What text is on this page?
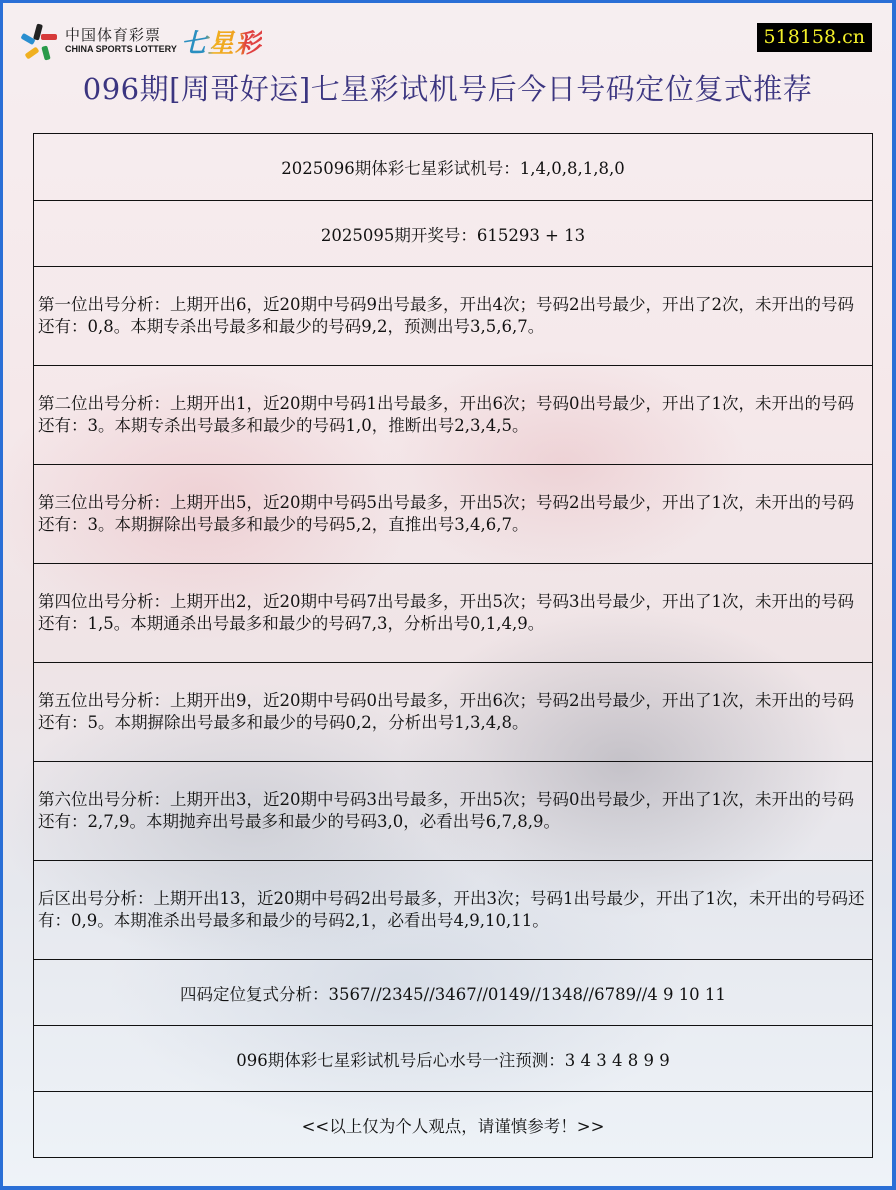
中国体育彩票
CHINA SPORTS LOTTERY 七星彩	518158.cn
096期[周哥好运]七星彩试机号后今日号码定位复式推荐
2025096期体彩七星彩试机号：1,4,0,8,1,8,0
2025095期开奖号：615293 + 13
第一位出号分析：上期开出6，近20期中号码9出号最多，开出4次；号码2出号最少，开出了2次，未开出的号码还有：0,8。本期专杀出号最多和最少的号码9,2，预测出号3,5,6,7。
第二位出号分析：上期开出1，近20期中号码1出号最多，开出6次；号码0出号最少，开出了1次，未开出的号码还有：3。本期专杀出号最多和最少的号码1,0，推断出号2,3,4,5。
第三位出号分析：上期开出5，近20期中号码5出号最多，开出5次；号码2出号最少，开出了1次，未开出的号码还有：3。本期摒除出号最多和最少的号码5,2，直推出号3,4,6,7。
第四位出号分析：上期开出2，近20期中号码7出号最多，开出5次；号码3出号最少，开出了1次，未开出的号码还有：1,5。本期通杀出号最多和最少的号码7,3，分析出号0,1,4,9。
第五位出号分析：上期开出9，近20期中号码0出号最多，开出6次；号码2出号最少，开出了1次，未开出的号码还有：5。本期摒除出号最多和最少的号码0,2，分析出号1,3,4,8。
第六位出号分析：上期开出3，近20期中号码3出号最多，开出5次；号码0出号最少，开出了1次，未开出的号码还有：2,7,9。本期抛弃出号最多和最少的号码3,0，必看出号6,7,8,9。
后区出号分析：上期开出13，近20期中号码2出号最多，开出3次；号码1出号最少，开出了1次，未开出的号码还有：0,9。本期准杀出号最多和最少的号码2,1，必看出号4,9,10,11。
四码定位复式分析：3567//2345//3467//0149//1348//6789//4 9 10 11
096期体彩七星彩试机号后心水号一注预测：3 4 3 4 8 9 9
<<以上仅为个人观点，请谨慎参考！>>
